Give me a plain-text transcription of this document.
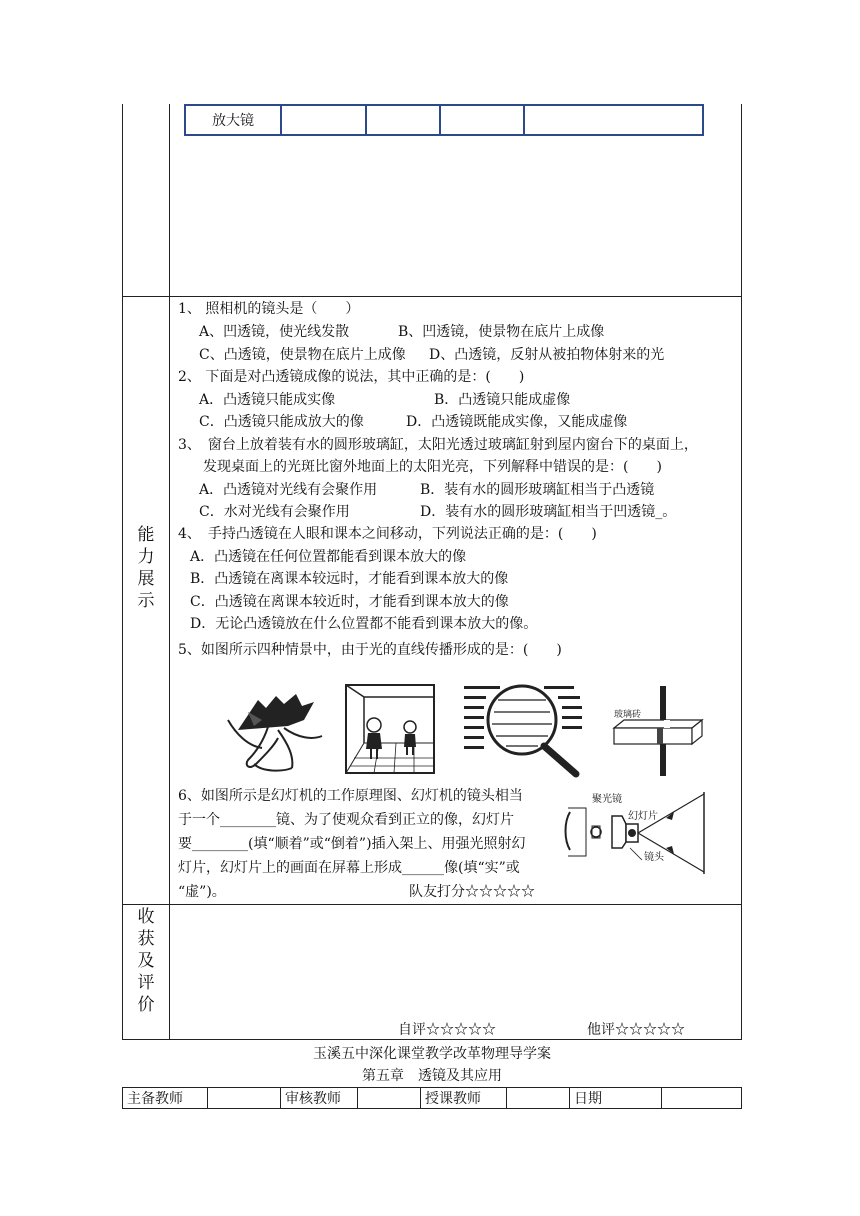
放大镜
能
力
展
示
1、 照相机的镜头是（　　）
A、凹透镜，使光线发散	B、凹透镜，使景物在底片上成像
C、凸透镜，使景物在底片上成像 D、凸透镜，反射从被拍物体射来的光
2、 下面是对凸透镜成像的说法，其中正确的是：(　　)
A．凸透镜只能成实像	B．凸透镜只能成虚像
C．凸透镜只能成放大的像	D．凸透镜既能成实像，又能成虚像
3、　窗台上放着装有水的圆形玻璃缸，太阳光透过玻璃缸射到屋内窗台下的桌面上，
发现桌面上的光斑比窗外地面上的太阳光亮，下列解释中错误的是：(　　)
A．凸透镜对光线有会聚作用	B．装有水的圆形玻璃缸相当于凸透镜
C．水对光线有会聚作用	D．装有水的圆形玻璃缸相当于凹透镜_。
4、　手持凸透镜在人眼和课本之间移动，下列说法正确的是：(　　)
A．凸透镜在任何位置都能看到课本放大的像
B．凸透镜在离课本较远时，才能看到课本放大的像
C．凸透镜在离课本较近时，才能看到课本放大的像
D．无论凸透镜放在什么位置都不能看到课本放大的像。
5、如图所示四种情景中，由于光的直线传播形成的是：(　　)
玻璃砖
6、如图所示是幻灯机的工作原理图、幻灯机的镜头相当
于一个________镜、为了使观众看到正立的像，幻灯片
要________(填“顺着”或“倒着”)插入架上、用强光照射幻
灯片，幻灯片上的画面在屏幕上形成______像(填“实”或
“虚”)。	队友打分☆☆☆☆☆
聚光镜
幻灯片
镜头
收
获
及
评
价
自评☆☆☆☆☆	他评☆☆☆☆☆
玉溪五中深化课堂教学改革物理导学案
第五章　透镜及其应用
主备教师	审核教师	授课教师	日期
